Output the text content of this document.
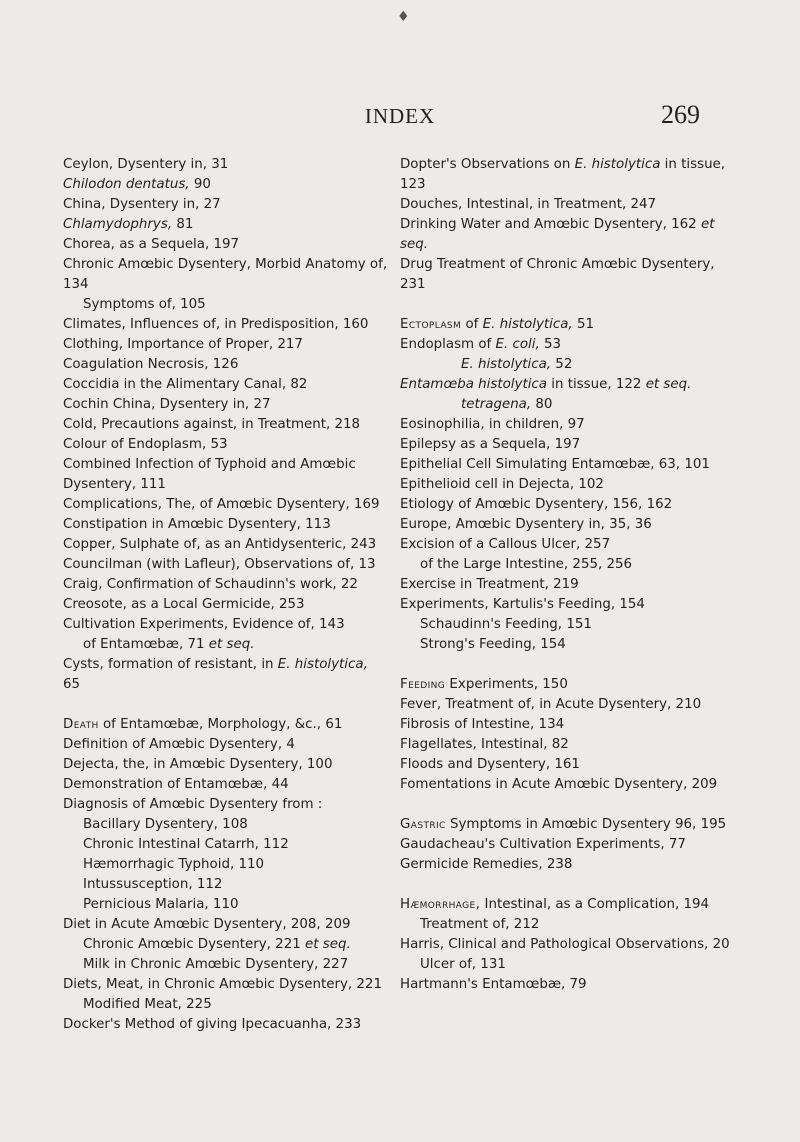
♦
INDEX	269
Ceylon, Dysentery in, 31
Chilodon dentatus, 90
China, Dysentery in, 27
Chlamydophrys, 81
Chorea, as a Sequela, 197
Chronic Amœbic Dysentery, Morbid Anatomy of, 134
Symptoms of, 105
Climates, Influences of, in Predisposition, 160
Clothing, Importance of Proper, 217
Coagulation Necrosis, 126
Coccidia in the Alimentary Canal, 82
Cochin China, Dysentery in, 27
Cold, Precautions against, in Treatment, 218
Colour of Endoplasm, 53
Combined Infection of Typhoid and Amœbic Dysentery, 111
Complications, The, of Amœbic Dysentery, 169
Constipation in Amœbic Dysentery, 113
Copper, Sulphate of, as an Antidysenteric, 243
Councilman (with Lafleur), Observations of, 13
Craig, Confirmation of Schaudinn's work, 22
Creosote, as a Local Germicide, 253
Cultivation Experiments, Evidence of, 143
of Entamœbæ, 71 et seq.
Cysts, formation of resistant, in E. histolytica, 65
Death of Entamœbæ, Morphology, &c., 61
Definition of Amœbic Dysentery, 4
Dejecta, the, in Amœbic Dysentery, 100
Demonstration of Entamœbæ, 44
Diagnosis of Amœbic Dysentery from :
Bacillary Dysentery, 108
Chronic Intestinal Catarrh, 112
Hæmorrhagic Typhoid, 110
Intussusception, 112
Pernicious Malaria, 110
Diet in Acute Amœbic Dysentery, 208, 209
Chronic Amœbic Dysentery, 221 et seq.
Milk in Chronic Amœbic Dysentery, 227
Diets, Meat, in Chronic Amœbic Dysentery, 221
Modified Meat, 225
Docker's Method of giving Ipecacuanha, 233
Dopter's Observations on E. histolytica in tissue, 123
Douches, Intestinal, in Treatment, 247
Drinking Water and Amœbic Dysentery, 162 et seq.
Drug Treatment of Chronic Amœbic Dysentery, 231
Ectoplasm of E. histolytica, 51
Endoplasm of E. coli, 53
E. histolytica, 52
Entamœba histolytica in tissue, 122 et seq.
tetragena, 80
Eosinophilia, in children, 97
Epilepsy as a Sequela, 197
Epithelial Cell Simulating Entamœbæ, 63, 101
Epithelioid cell in Dejecta, 102
Etiology of Amœbic Dysentery, 156, 162
Europe, Amœbic Dysentery in, 35, 36
Excision of a Callous Ulcer, 257
of the Large Intestine, 255, 256
Exercise in Treatment, 219
Experiments, Kartulis's Feeding, 154
Schaudinn's Feeding, 151
Strong's Feeding, 154
Feeding Experiments, 150
Fever, Treatment of, in Acute Dysentery, 210
Fibrosis of Intestine, 134
Flagellates, Intestinal, 82
Floods and Dysentery, 161
Fomentations in Acute Amœbic Dysentery, 209
Gastric Symptoms in Amœbic Dysentery 96, 195
Gaudacheau's Cultivation Experiments, 77
Germicide Remedies, 238
Hæmorrhage, Intestinal, as a Complication, 194
Treatment of, 212
Harris, Clinical and Pathological Observations, 20
Ulcer of, 131
Hartmann's Entamœbæ, 79
